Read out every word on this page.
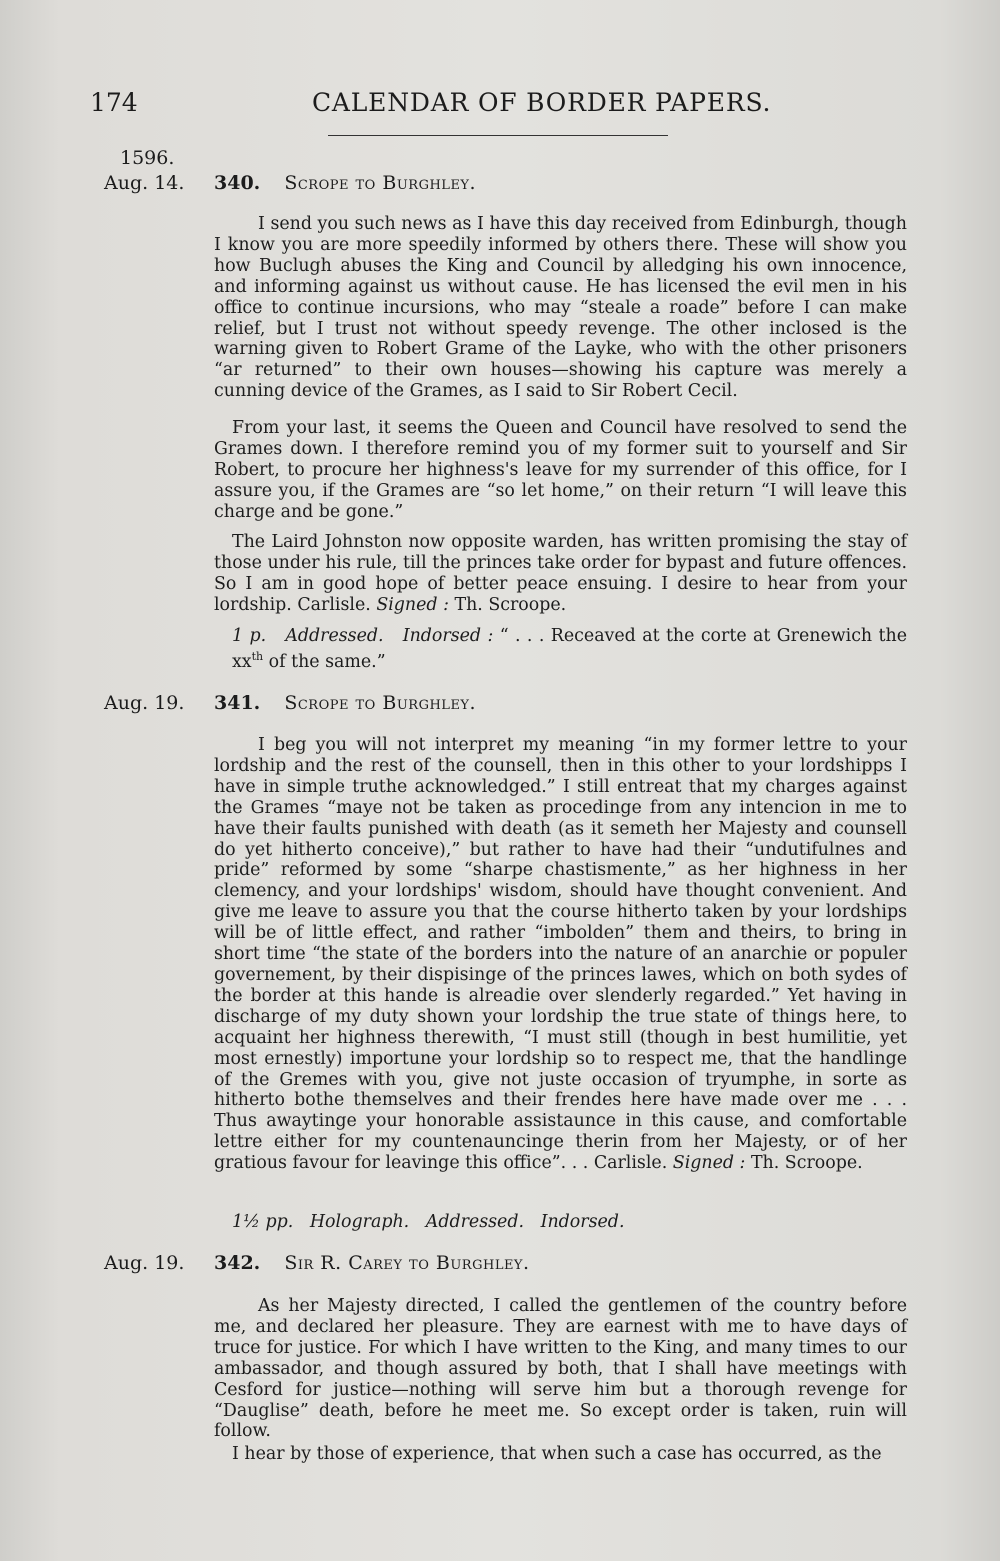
174	CALENDAR OF BORDER PAPERS.
1596.
Aug. 14.	340. Scrope to Burghley.

I send you such news as I have this day received from Edinburgh, though I know you are more speedily informed by others there. These will show you how Buclugh abuses the King and Council by alledging his own innocence, and informing against us without cause. He has licensed the evil men in his office to continue incursions, who may “steale a roade” before I can make relief, but I trust not without speedy revenge. The other inclosed is the warning given to Robert Grame of the Layke, who with the other prisoners “ar returned” to their own houses—showing his capture was merely a cunning device of the Grames, as I said to Sir Robert Cecil.

From your last, it seems the Queen and Council have resolved to send the Grames down. I therefore remind you of my former suit to yourself and Sir Robert, to procure her highness's leave for my surrender of this office, for I assure you, if the Grames are “so let home,” on their return “I will leave this charge and be gone.”

The Laird Johnston now opposite warden, has written promising the stay of those under his rule, till the princes take order for bypast and future offences. So I am in good hope of better peace ensuing. I desire to hear from your lordship. Carlisle. Signed : Th. Scroope.

1 p. Addressed. Indorsed : “ . . . Receaved at the corte at Grenewich the $xx^{th}$ of the same.”

Aug. 19.	341. Scrope to Burghley.

I beg you will not interpret my meaning “in my former lettre to your lordship and the rest of the counsell, then in this other to your lordshipps I have in simple truthe acknowledged.” I still entreat that my charges against the Grames “maye not be taken as procedinge from any intencion in me to have their faults punished with death (as it semeth her Majesty and counsell do yet hitherto conceive),” but rather to have had their “undutifulnes and pride” reformed by some “sharpe chastismente,” as her highness in her clemency, and your lordships' wisdom, should have thought convenient. And give me leave to assure you that the course hitherto taken by your lordships will be of little effect, and rather “imbolden” them and theirs, to bring in short time “the state of the borders into the nature of an anarchie or populer governement, by their dispisinge of the princes lawes, which on both sydes of the border at this hande is alreadie over slenderly regarded.” Yet having in discharge of my duty shown your lordship the true state of things here, to acquaint her highness therewith, “I must still (though in best humilitie, yet most ernestly) importune your lordship so to respect me, that the handlinge of the Gremes with you, give not juste occasion of tryumphe, in sorte as hitherto bothe themselves and their frendes here have made over me . . . Thus awaytinge your honorable assistaunce in this cause, and comfortable lettre either for my countenauncinge therin from her Majesty, or of her gratious favour for leavinge this office”. . . Carlisle. Signed : Th. Scroope.

1½ pp. Holograph. Addressed. Indorsed.

Aug. 19.	342. Sir R. Carey to Burghley.

As her Majesty directed, I called the gentlemen of the country before me, and declared her pleasure. They are earnest with me to have days of truce for justice. For which I have written to the King, and many times to our ambassador, and though assured by both, that I shall have meetings with Cesford for justice—nothing will serve him but a thorough revenge for “Dauglise” death, before he meet me. So except order is taken, ruin will follow.

I hear by those of experience, that when such a case has occurred, as the
